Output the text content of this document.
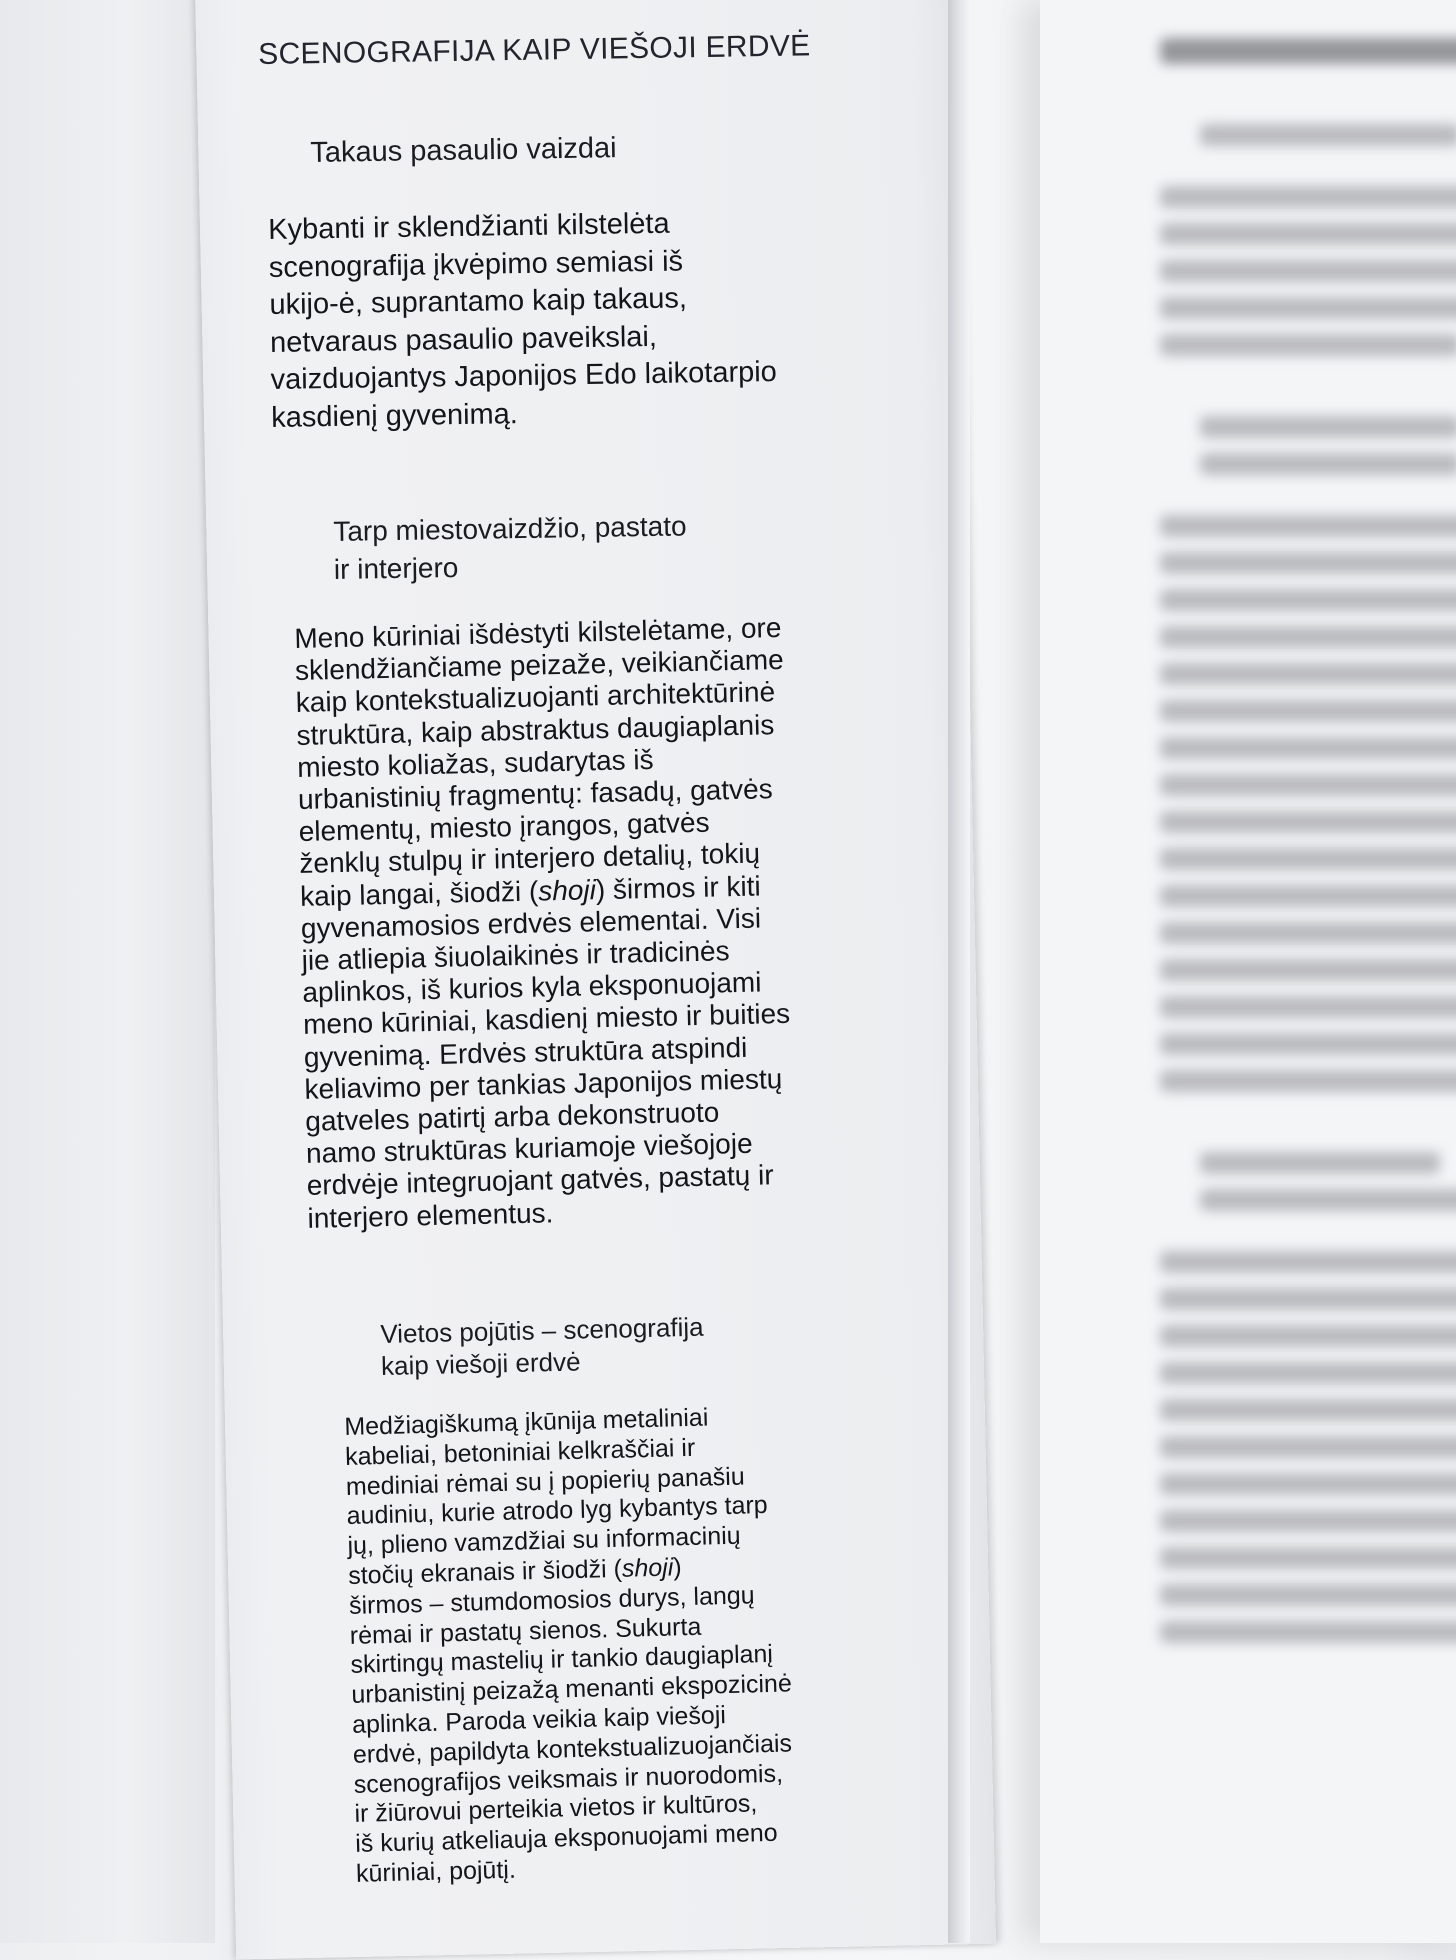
SCENOGRAFIJA KAIP VIEŠOJI ERDVĖ
Takaus pasaulio vaizdai
Kybanti ir sklendžianti kilstelėta
scenografija įkvėpimo semiasi iš
ukijo-ė, suprantamo kaip takaus,
netvaraus pasaulio paveikslai,
vaizduojantys Japonijos Edo laikotarpio
kasdienį gyvenimą.
Tarp miestovaizdžio, pastato
ir interjero
Meno kūriniai išdėstyti kilstelėtame, ore
sklendžiančiame peizaže, veikiančiame
kaip kontekstualizuojanti architektūrinė
struktūra, kaip abstraktus daugiaplanis
miesto koliažas, sudarytas iš
urbanistinių fragmentų: fasadų, gatvės
elementų, miesto įrangos, gatvės
ženklų stulpų ir interjero detalių, tokių
kaip langai, šiodži (shoji) širmos ir kiti
gyvenamosios erdvės elementai. Visi
jie atliepia šiuolaikinės ir tradicinės
aplinkos, iš kurios kyla eksponuojami
meno kūriniai, kasdienį miesto ir buities
gyvenimą. Erdvės struktūra atspindi
keliavimo per tankias Japonijos miestų
gatveles patirtį arba dekonstruoto
namo struktūras kuriamoje viešojoje
erdvėje integruojant gatvės, pastatų ir
interjero elementus.
Vietos pojūtis – scenografija
kaip viešoji erdvė
Medžiagiškumą įkūnija metaliniai
kabeliai, betoniniai kelkraščiai ir
mediniai rėmai su į popierių panašiu
audiniu, kurie atrodo lyg kybantys tarp
jų, plieno vamzdžiai su informacinių
stočių ekranais ir šiodži (shoji)
širmos – stumdomosios durys, langų
rėmai ir pastatų sienos. Sukurta
skirtingų mastelių ir tankio daugiaplanį
urbanistinį peizažą menanti ekspozicinė
aplinka. Paroda veikia kaip viešoji
erdvė, papildyta kontekstualizuojančiais
scenografijos veiksmais ir nuorodomis,
ir žiūrovui perteikia vietos ir kultūros,
iš kurių atkeliauja eksponuojami meno
kūriniai, pojūtį.
